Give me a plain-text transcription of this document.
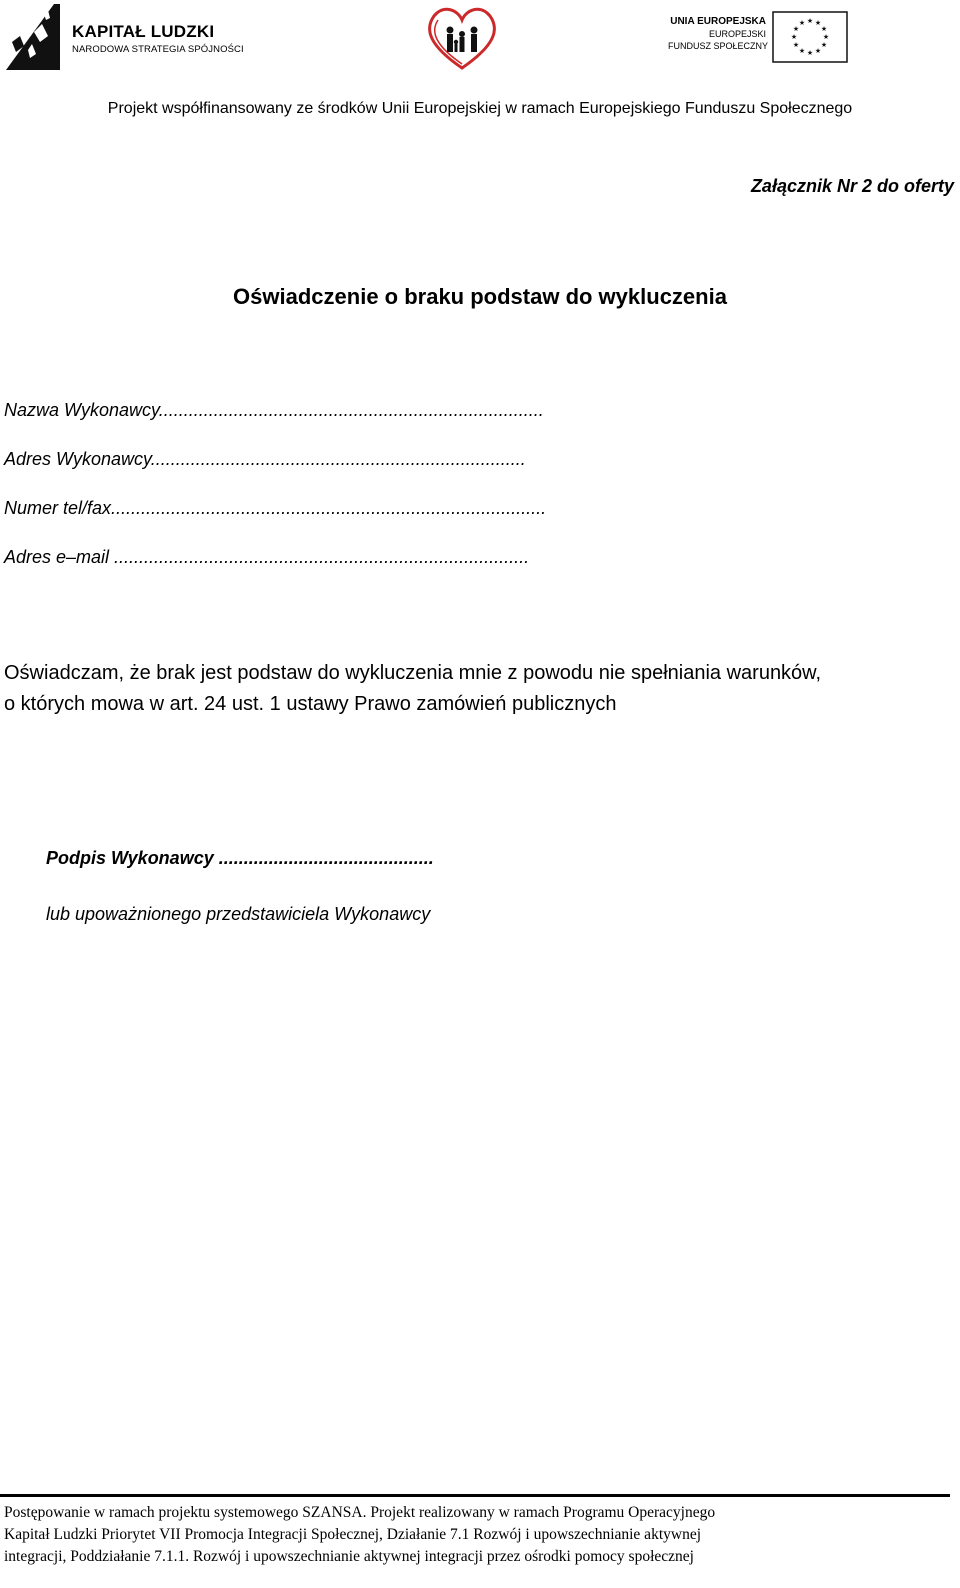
KAPITAŁ LUDZKI
NARODOWA STRATEGIA SPÓJNOŚCI
UNIA EUROPEJSKA
EUROPEJSKI
FUNDUSZ SPOŁECZNY
★ ★
★
★
★
★
★
★
★
★
★
★
Projekt współfinansowany ze środków Unii Europejskiej w ramach Europejskiego Funduszu Społecznego
Załącznik Nr 2 do oferty
Oświadczenie o braku podstaw do wykluczenia
Nazwa Wykonawcy.............................................................................
Adres Wykonawcy...........................................................................
Numer tel/fax.......................................................................................
Adres e–mail ...................................................................................
Oświadczam, że brak jest podstaw do wykluczenia mnie z powodu nie spełniania warunków,
o których mowa w art. 24 ust. 1 ustawy Prawo zamówień publicznych
Podpis Wykonawcy ...........................................
lub upoważnionego przedstawiciela Wykonawcy
Postępowanie w ramach projektu systemowego SZANSA. Projekt realizowany w ramach Programu Operacyjnego
Kapitał Ludzki Priorytet VII Promocja Integracji Społecznej, Działanie 7.1 Rozwój i upowszechnianie aktywnej
integracji, Poddziałanie 7.1.1. Rozwój i upowszechnianie aktywnej integracji przez ośrodki pomocy społecznej
